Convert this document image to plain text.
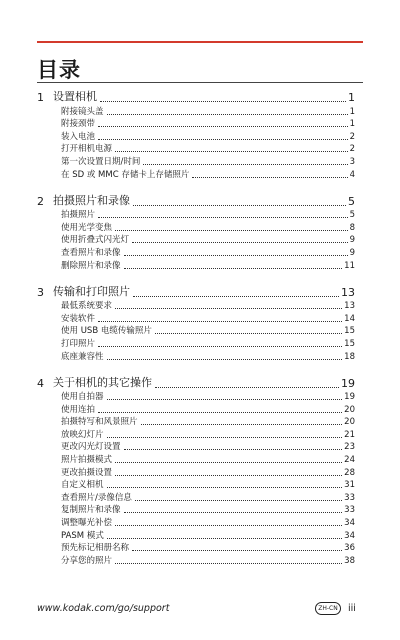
目录
1 设置相机	1
附接镜头盖	1
附接颈带	1
装入电池	2
打开相机电源	2
第一次设置日期/时间	3
在 SD 或 MMC 存储卡上存储照片	4
2 拍摄照片和录像	5
拍摄照片	5
使用光学变焦	8
使用折叠式闪光灯	9
查看照片和录像	9
删除照片和录像	11
3 传输和打印照片	13
最低系统要求	13
安装软件	14
使用 USB 电缆传输照片	15
打印照片	15
底座兼容性	18
4 关于相机的其它操作	19
使用自拍器	19
使用连拍	20
拍摄特写和风景照片	20
放映幻灯片	21
更改闪光灯设置	23
照片拍摄模式	24
更改拍摄设置	28
自定义相机	31
查看照片/录像信息	33
复制照片和录像	33
调整曝光补偿	34
PASM 模式	34
预先标记相册名称	36
分享您的照片	38
www.kodak.com/go/support	ZH-CN	iii
